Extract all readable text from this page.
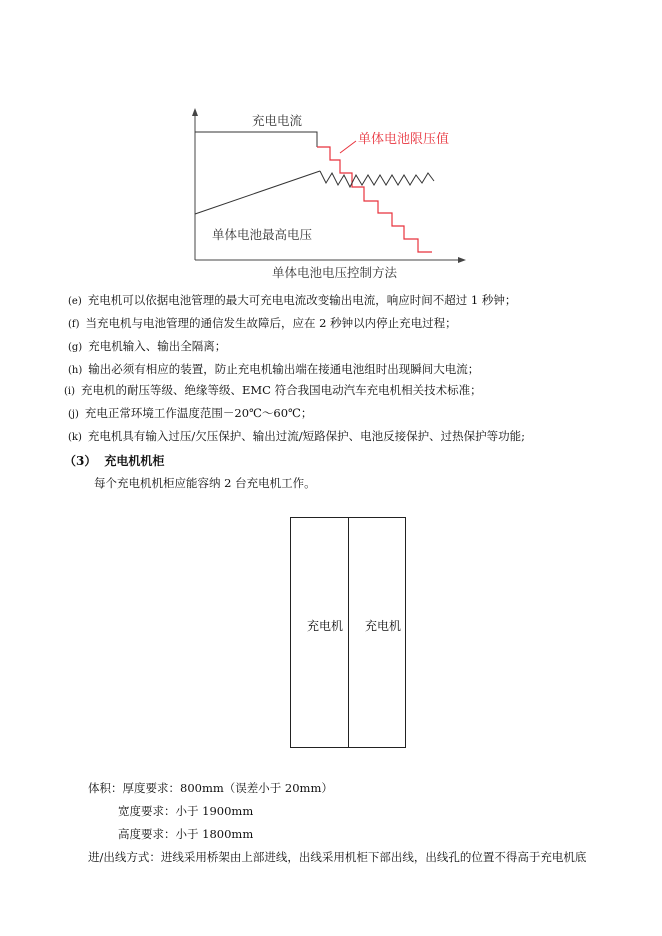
充电电流
单体电池限压值
单体电池最高电压
单体电池电压控制方法
(e) 充电机可以依据电池管理的最大可充电电流改变输出电流，响应时间不超过 1 秒钟；
(f) 当充电机与电池管理的通信发生故障后，应在 2 秒钟以内停止充电过程；
(g) 充电机输入、输出全隔离；
(h) 输出必须有相应的装置，防止充电机输出端在接通电池组时出现瞬间大电流；
(i) 充电机的耐压等级、绝缘等级、EMC 符合我国电动汽车充电机相关技术标准；
(j) 充电正常环境工作温度范围－20℃～60℃；
(k) 充电机具有输入过压/欠压保护、输出过流/短路保护、电池反接保护、过热保护等功能;
（3） 充电机机柜
每个充电机机柜应能容纳 2 台充电机工作。
充电机 充电机
体积：厚度要求：800mm（误差小于 20mm）
宽度要求：小于 1900mm
高度要求：小于 1800mm
进/出线方式：进线采用桥架由上部进线，出线采用机柜下部出线，出线孔的位置不得高于充电机底
